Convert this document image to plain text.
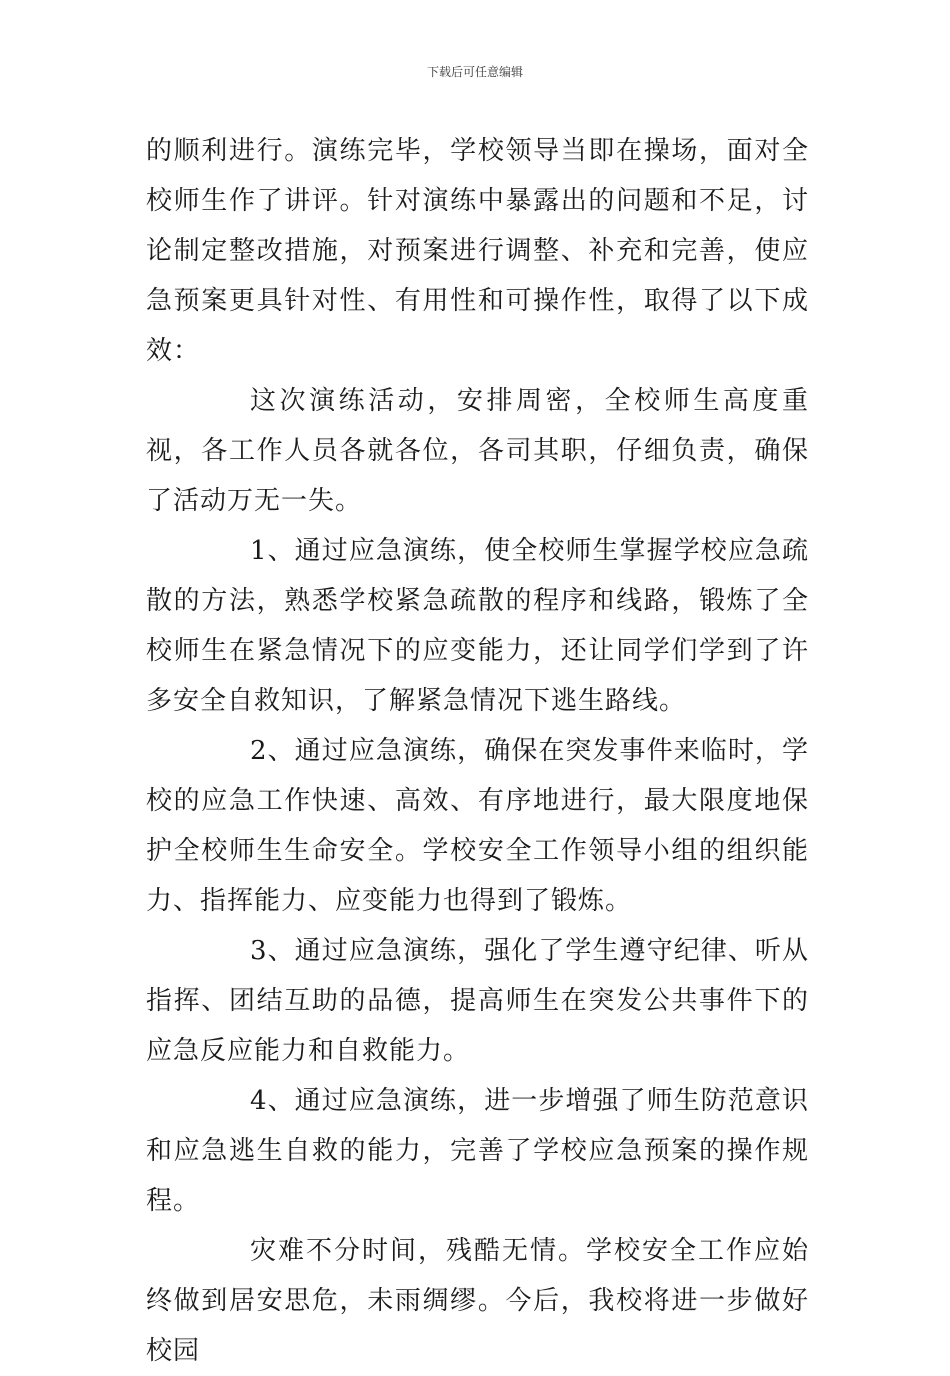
下载后可任意编辑

的顺利进行。演练完毕，学校领导当即在操场，面对全校师生作了讲评。针对演练中暴露出的问题和不足，讨论制定整改措施，对预案进行调整、补充和完善，使应急预案更具针对性、有用性和可操作性，取得了以下成效：

这次演练活动，安排周密，全校师生高度重视，各工作人员各就各位，各司其职，仔细负责，确保了活动万无一失。

1、通过应急演练，使全校师生掌握学校应急疏散的方法，熟悉学校紧急疏散的程序和线路，锻炼了全校师生在紧急情况下的应变能力，还让同学们学到了许多安全自救知识，了解紧急情况下逃生路线。

2、通过应急演练，确保在突发事件来临时，学校的应急工作快速、高效、有序地进行，最大限度地保护全校师生生命安全。学校安全工作领导小组的组织能力、指挥能力、应变能力也得到了锻炼。

3、通过应急演练，强化了学生遵守纪律、听从指挥、团结互助的品德，提高师生在突发公共事件下的应急反应能力和自救能力。

4、通过应急演练，进一步增强了师生防范意识和应急逃生自救的能力，完善了学校应急预案的操作规程。

灾难不分时间，残酷无情。学校安全工作应始终做到居安思危，未雨绸缪。今后，我校将进一步做好校园
